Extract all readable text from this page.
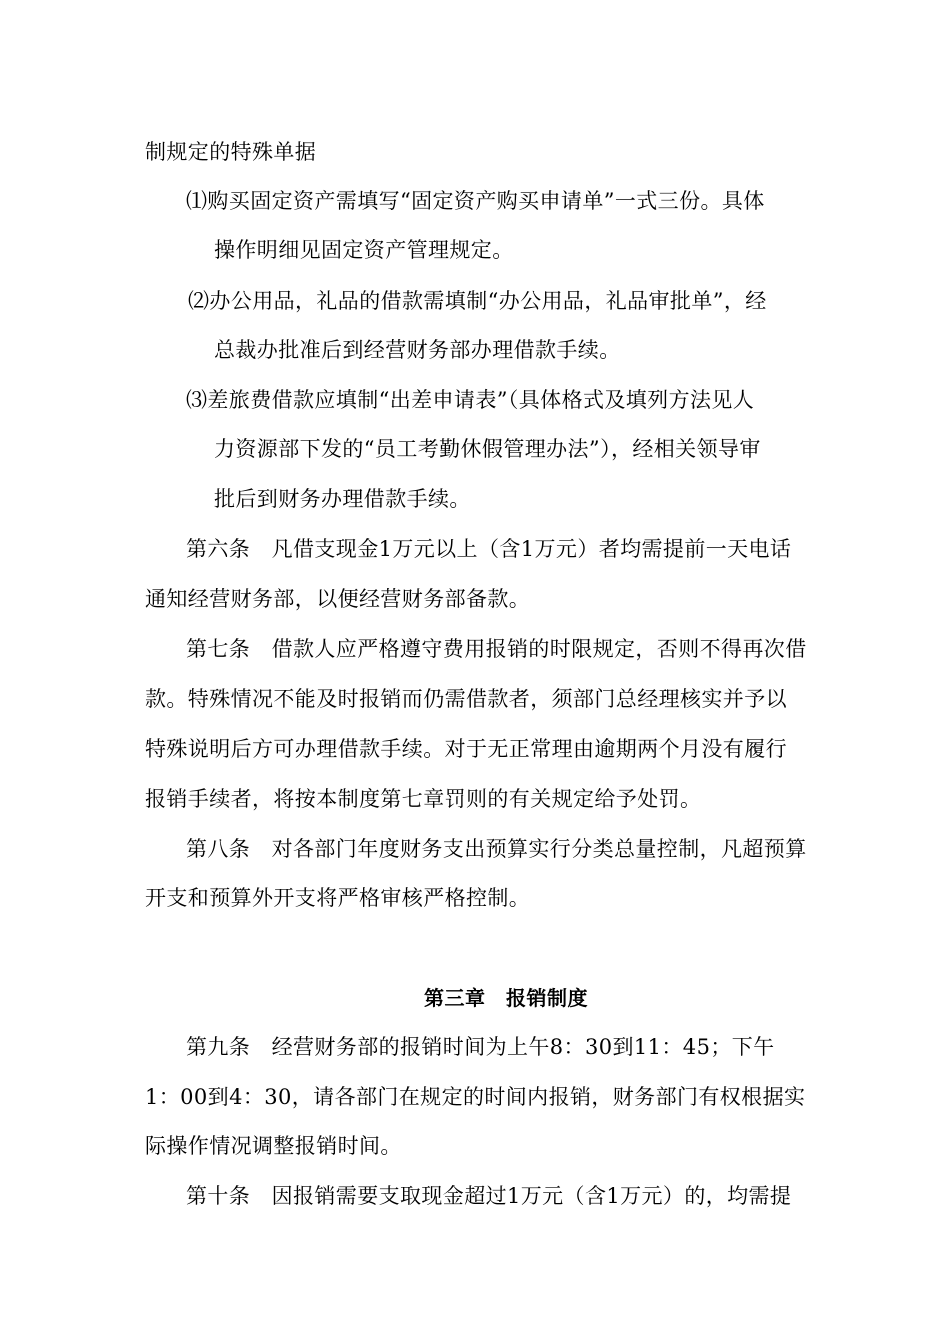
制规定的特殊单据
⑴购买固定资产需填写“固定资产购买申请单”一式三份。具体
操作明细见固定资产管理规定。
⑵办公用品，礼品的借款需填制“办公用品，礼品审批单”，经
总裁办批准后到经营财务部办理借款手续。
⑶差旅费借款应填制“出差申请表”（具体格式及填列方法见人
力资源部下发的“员工考勤休假管理办法”），经相关领导审
批后到财务办理借款手续。
第六条　凡借支现金1万元以上（含1万元）者均需提前一天电话
通知经营财务部，以便经营财务部备款。
第七条　借款人应严格遵守费用报销的时限规定，否则不得再次借
款。特殊情况不能及时报销而仍需借款者，须部门总经理核实并予以
特殊说明后方可办理借款手续。对于无正常理由逾期两个月没有履行
报销手续者，将按本制度第七章罚则的有关规定给予处罚。
第八条　对各部门年度财务支出预算实行分类总量控制，凡超预算
开支和预算外开支将严格审核严格控制。
第三章　报销制度
第九条　经营财务部的报销时间为上午8：30到11：45；下午
1：00到4：30，请各部门在规定的时间内报销，财务部门有权根据实
际操作情况调整报销时间。
第十条　因报销需要支取现金超过1万元（含1万元）的，均需提
